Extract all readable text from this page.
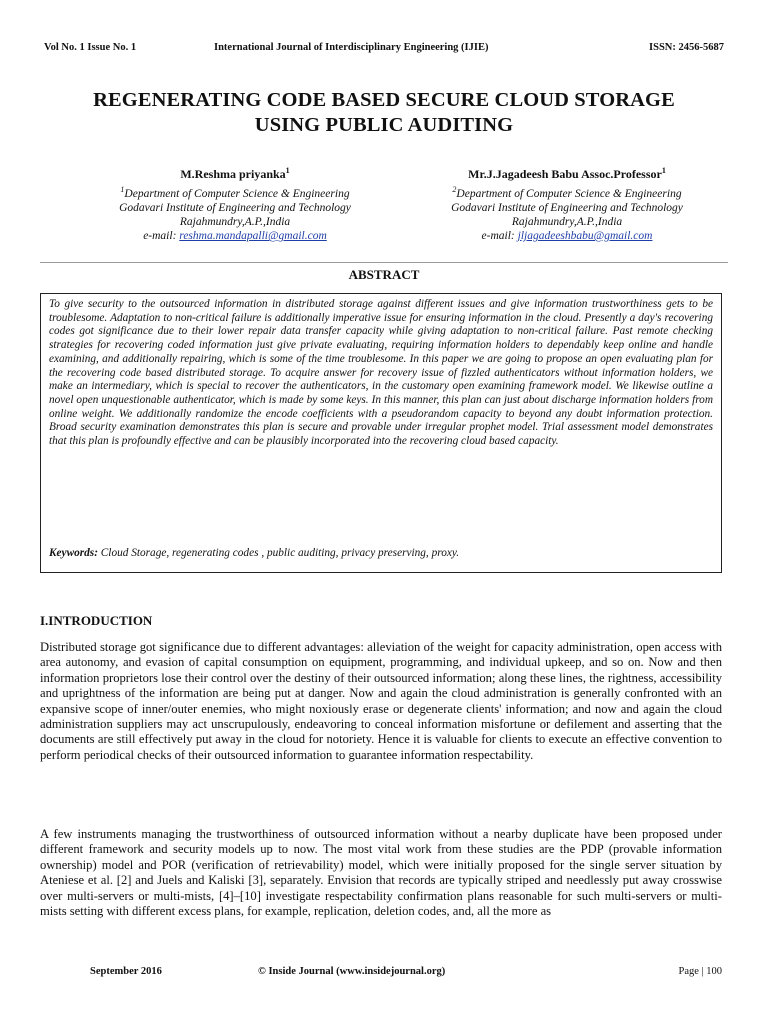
Vol No. 1 Issue No. 1	International Journal of Interdisciplinary Engineering (IJIE)	ISSN: 2456-5687
REGENERATING CODE BASED SECURE CLOUD STORAGE
USING PUBLIC AUDITING
M.Reshma priyanka$^1$
$^1$Department of Computer Science & Engineering
Godavari Institute of Engineering and Technology
Rajahmundry,A.P.,India
e-mail: reshma.mandapalli@gmail.com
Mr.J.Jagadeesh Babu Assoc.Professor$^1$
$^2$Department of Computer Science & Engineering
Godavari Institute of Engineering and Technology
Rajahmundry,A.P.,India
e-mail: jljagadeeshbabu@gmail.com
ABSTRACT
To give security to the outsourced information in distributed storage against different issues and give information trustworthiness gets to be troublesome. Adaptation to non-critical failure is additionally imperative issue for ensuring information in the cloud. Presently a day's recovering codes got significance due to their lower repair data transfer capacity while giving adaptation to non-critical failure. Past remote checking strategies for recovering coded information just give private evaluating, requiring information holders to dependably keep online and handle examining, and additionally repairing, which is some of the time troublesome. In this paper we are going to propose an open evaluating plan for the recovering code based distributed storage. To acquire answer for recovery issue of fizzled authenticators without information holders, we make an intermediary, which is special to recover the authenticators, in the customary open examining framework model. We likewise outline a novel open unquestionable authenticator, which is made by some keys. In this manner, this plan can just about discharge information holders from online weight. We additionally randomize the encode coefficients with a pseudorandom capacity to beyond any doubt information protection. Broad security examination demonstrates this plan is secure and provable under irregular prophet model. Trial assessment model demonstrates that this plan is profoundly effective and can be plausibly incorporated into the recovering cloud based capacity.
Keywords: Cloud Storage, regenerating codes , public auditing, privacy preserving, proxy.
I.INTRODUCTION
Distributed storage got significance due to different advantages: alleviation of the weight for capacity administration, open access with area autonomy, and evasion of capital consumption on equipment, programming, and individual upkeep, and so on. Now and then information proprietors lose their control over the destiny of their outsourced information; along these lines, the rightness, accessibility and uprightness of the information are being put at danger. Now and again the cloud administration is generally confronted with an expansive scope of inner/outer enemies, who might noxiously erase or degenerate clients' information; and now and again the cloud administration suppliers may act unscrupulously, endeavoring to conceal information misfortune or defilement and asserting that the documents are still effectively put away in the cloud for notoriety. Hence it is valuable for clients to execute an effective convention to perform periodical checks of their outsourced information to guarantee information respectability.
A few instruments managing the trustworthiness of outsourced information without a nearby duplicate have been proposed under different framework and security models up to now. The most vital work from these studies are the PDP (provable information ownership) model and POR (verification of retrievability) model, which were initially proposed for the single server situation by Ateniese et al. [2] and Juels and Kaliski [3], separately. Envision that records are typically striped and needlessly put away crosswise over multi-servers or multi-mists, [4]–[10] investigate respectability confirmation plans reasonable for such multi-servers or multi-mists setting with different excess plans, for example, replication, deletion codes, and, all the more as
September 2016	© Inside Journal (www.insidejournal.org)	Page | 100
